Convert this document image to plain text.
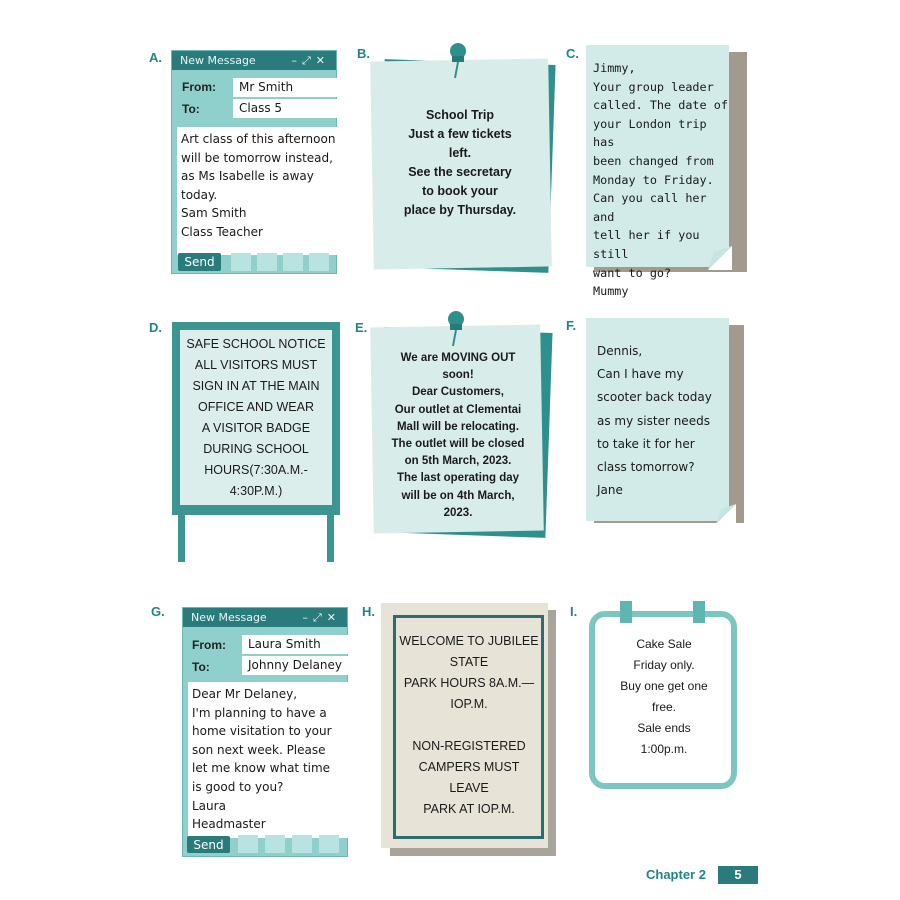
A.	New Message	–⤢✕
From:	Mr Smith
To:	Class 5
Art class of this afternoon
will be tomorrow instead,
as Ms Isabelle is away
today.
Sam Smith
Class Teacher
Send
B.
School Trip
Just a few tickets
left.
See the secretary
to book your
place by Thursday.
C.
Jimmy,
Your group leader
called. The date of
your London trip has
been changed from
Monday to Friday.
Can you call her and
tell her if you still
want to go?
Mummy
D.
SAFE SCHOOL NOTICE
ALL VISITORS MUST
SIGN IN AT THE MAIN
OFFICE AND WEAR
A VISITOR BADGE
DURING SCHOOL
HOURS(7:30A.M.-
4:30P.M.)
E.
We are MOVING OUT
soon!
Dear Customers,
Our outlet at Clementai
Mall will be relocating.
The outlet will be closed
on 5th March, 2023.
The last operating day
will be on 4th March,
2023.
F.
Dennis,
Can I have my
scooter back today
as my sister needs
to take it for her
class tomorrow?
Jane
G.	New Message	–⤢✕
From:	Laura Smith
To:	Johnny Delaney
Dear Mr Delaney,
I'm planning to have a
home visitation to your
son next week. Please
let me know what time
is good to you?
Laura
Headmaster
Send
H.
WELCOME TO JUBILEE
STATE
PARK HOURS 8A.M.—
IOP.M.

NON-REGISTERED
CAMPERS MUST
LEAVE
PARK AT IOP.M.
I.
Cake Sale
Friday only.
Buy one get one
free.
Sale ends
1:00p.m.
Chapter 2	5
